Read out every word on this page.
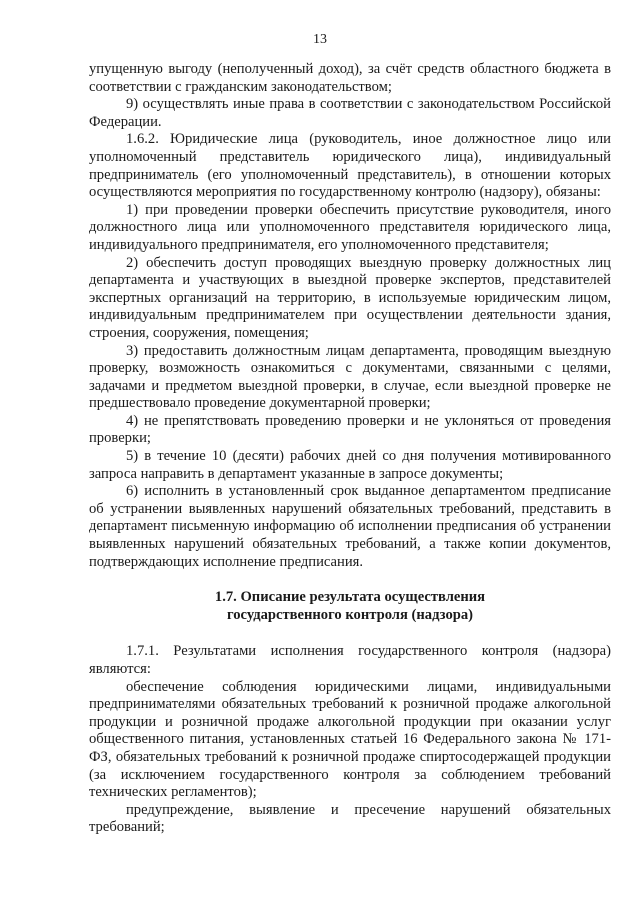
13

упущенную выгоду (неполученный доход), за счёт средств областного бюджета в соответствии с гражданским законодательством;

9) осуществлять иные права в соответствии с законодательством Российской Федерации.

1.6.2. Юридические лица (руководитель, иное должностное лицо или уполномоченный представитель юридического лица), индивидуальный предприниматель (его уполномоченный представитель), в отношении которых осуществляются мероприятия по государственному контролю (надзору), обязаны:

1) при проведении проверки обеспечить присутствие руководителя, иного должностного лица или уполномоченного представителя юридического лица, индивидуального предпринимателя, его уполномоченного представителя;

2) обеспечить доступ проводящих выездную проверку должностных лиц департамента и участвующих в выездной проверке экспертов, представителей экспертных организаций на территорию, в используемые юридическим лицом, индивидуальным предпринимателем при осуществлении деятельности здания, строения, сооружения, помещения;

3) предоставить должностным лицам департамента, проводящим выездную проверку, возможность ознакомиться с документами, связанными с целями, задачами и предметом выездной проверки, в случае, если выездной проверке не предшествовало проведение документарной проверки;

4) не препятствовать проведению проверки и не уклоняться от проведения проверки;

5) в течение 10 (десяти) рабочих дней со дня получения мотивированного запроса направить в департамент указанные в запросе документы;

6) исполнить в установленный срок выданное департаментом предписание об устранении выявленных нарушений обязательных требований, представить в департамент письменную информацию об исполнении предписания об устранении выявленных нарушений обязательных требований, а также копии документов, подтверждающих исполнение предписания.

1.7. Описание результата осуществления
государственного контроля (надзора)

1.7.1. Результатами исполнения государственного контроля (надзора) являются:

обеспечение соблюдения юридическими лицами, индивидуальными предпринимателями обязательных требований к розничной продаже алкогольной продукции и розничной продаже алкогольной продукции при оказании услуг общественного питания, установленных статьей 16 Федерального закона № 171-ФЗ, обязательных требований к розничной продаже спиртосодержащей продукции (за исключением государственного контроля за соблюдением требований технических регламентов);

предупреждение, выявление и пресечение нарушений обязательных требований;
